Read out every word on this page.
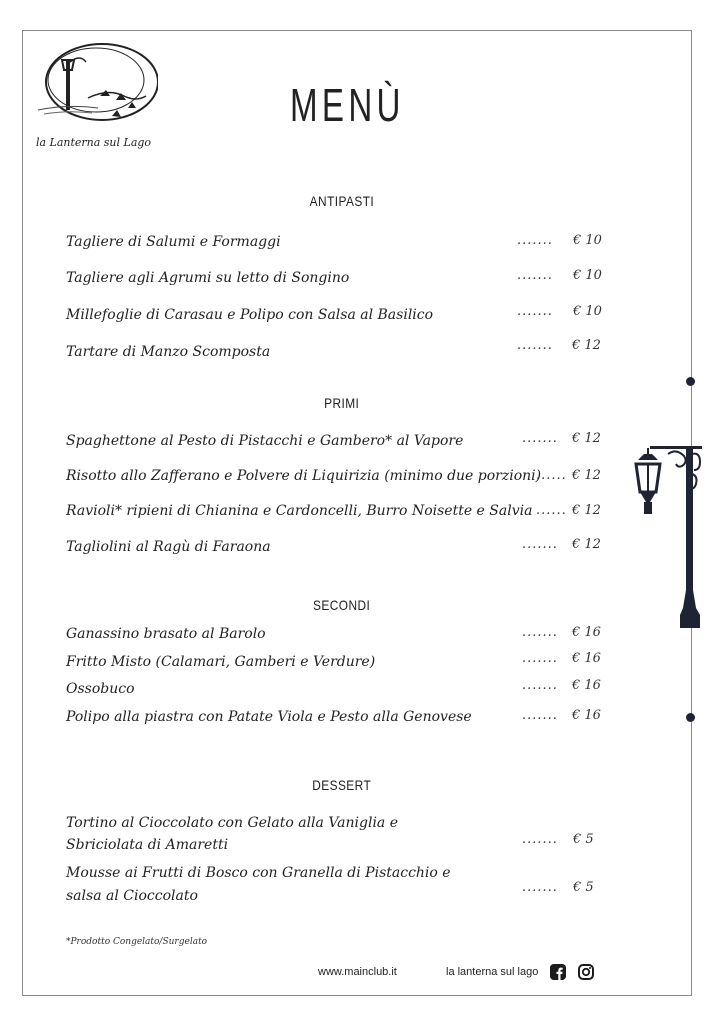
la Lanterna sul Lago
MENÙ
ANTIPASTI
Tagliere di Salumi e Formaggi	....... € 10
Tagliere agli Agrumi su letto di Songino	....... € 10
Millefoglie di Carasau e Polipo con Salsa al Basilico	....... € 10
Tartare di Manzo Scomposta	....... € 12
PRIMI
Spaghettone al Pesto di Pistacchi e Gambero* al Vapore	....... € 12
Risotto allo Zafferano e Polvere di Liquirizia (minimo due porzioni)
...... € 12
Ravioli* ripieni di Chianina e Cardoncelli, Burro Noisette e Salvia ...... € 12
Tagliolini al Ragù di Faraona	....... € 12
SECONDI
Ganassino brasato al Barolo	....... € 16
Fritto Misto (Calamari, Gamberi e Verdure)	....... € 16
Ossobuco	....... € 16
Polipo alla piastra con Patate Viola e Pesto alla Genovese	....... € 16
DESSERT
Tortino al Cioccolato con Gelato alla Vaniglia e
Sbriciolata di Amaretti	....... € 5
Mousse ai Frutti di Bosco con Granella di Pistacchio e
salsa al Cioccolato
....... € 5
*Prodotto Congelato/Surgelato
www.mainclub.it	la lanterna sul lago
